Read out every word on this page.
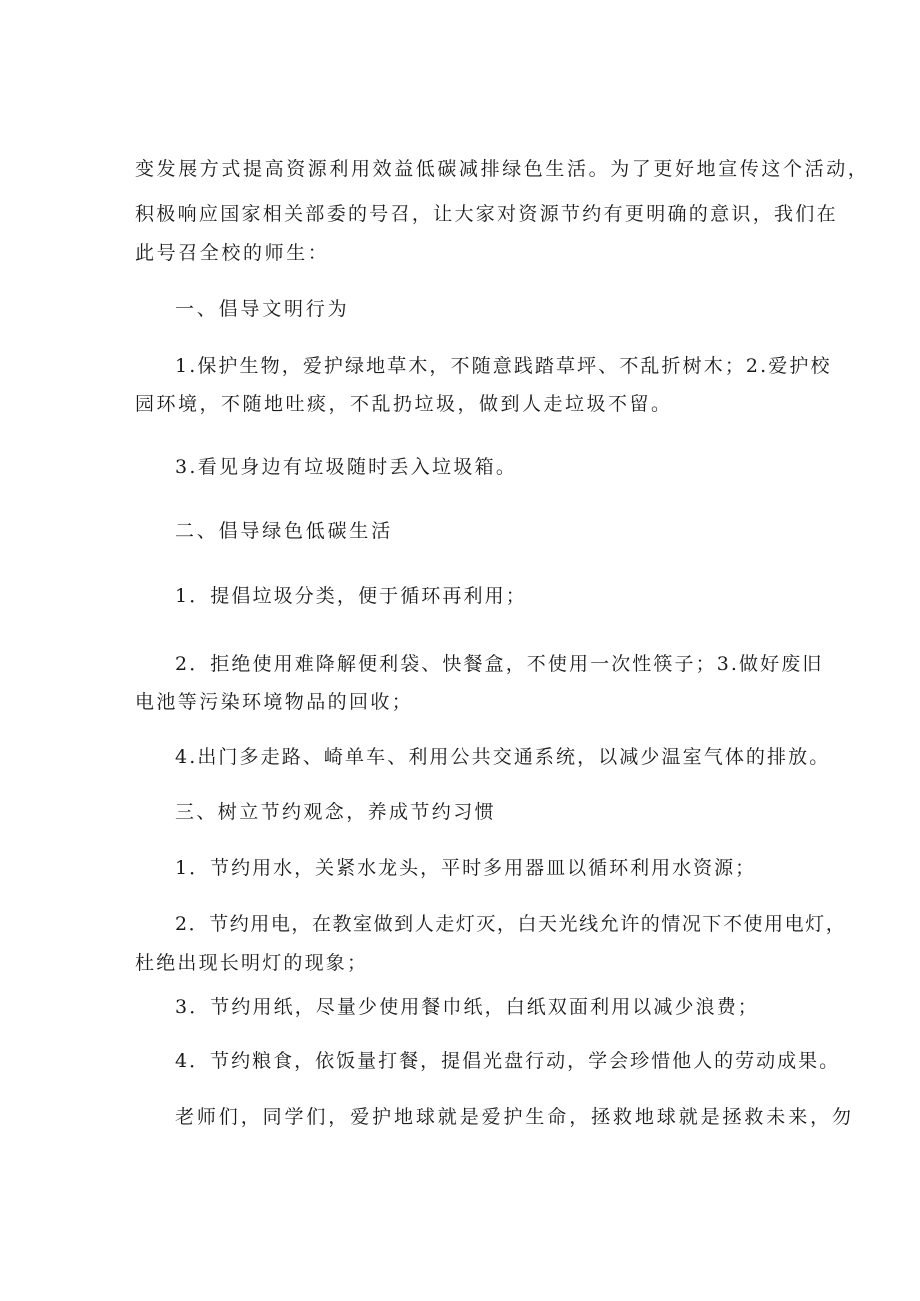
变发展方式提高资源利用效益低碳减排绿色生活。为了更好地宣传这个活动，

积极响应国家相关部委的号召，让大家对资源节约有更明确的意识，我们在

此号召全校的师生：

一、倡导文明行为

1.保护生物，爱护绿地草木，不随意践踏草坪、不乱折树木；2.爱护校

园环境，不随地吐痰，不乱扔垃圾，做到人走垃圾不留。

3.看见身边有垃圾随时丢入垃圾箱。

二、倡导绿色低碳生活

1．提倡垃圾分类，便于循环再利用；

2．拒绝使用难降解便利袋、快餐盒，不使用一次性筷子；3.做好废旧

电池等污染环境物品的回收；

4.出门多走路、崎单车、利用公共交通系统，以减少温室气体的排放。

三、树立节约观念，养成节约习惯

1．节约用水，关紧水龙头，平时多用器皿以循环利用水资源；

2．节约用电，在教室做到人走灯灭，白天光线允许的情况下不使用电灯，

杜绝出现长明灯的现象；

3．节约用纸，尽量少使用餐巾纸，白纸双面利用以减少浪费；

4．节约粮食，依饭量打餐，提倡光盘行动，学会珍惜他人的劳动成果。

老师们，同学们，爱护地球就是爱护生命，拯救地球就是拯救未来，勿
